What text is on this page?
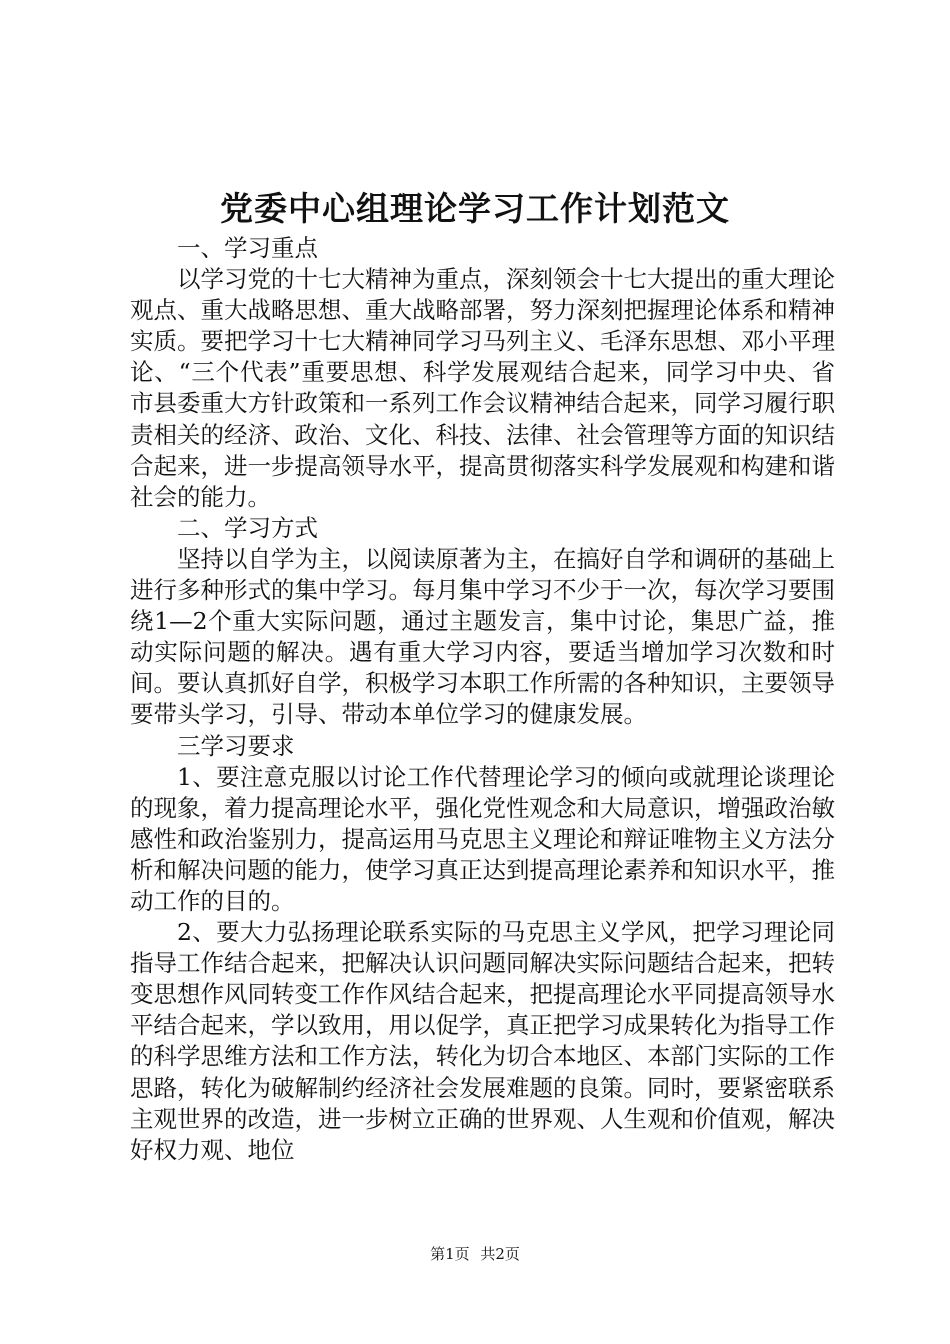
党委中心组理论学习工作计划范文

一、学习重点

以学习党的十七大精神为重点，深刻领会十七大提出的重大理论观点、重大战略思想、重大战略部署，努力深刻把握理论体系和精神实质。要把学习十七大精神同学习马列主义、毛泽东思想、邓小平理论、“三个代表”重要思想、科学发展观结合起来，同学习中央、省市县委重大方针政策和一系列工作会议精神结合起来，同学习履行职责相关的经济、政治、文化、科技、法律、社会管理等方面的知识结合起来，进一步提高领导水平，提高贯彻落实科学发展观和构建和谐社会的能力。

二、学习方式

坚持以自学为主，以阅读原著为主，在搞好自学和调研的基础上进行多种形式的集中学习。每月集中学习不少于一次，每次学习要围绕1—2个重大实际问题，通过主题发言，集中讨论，集思广益，推动实际问题的解决。遇有重大学习内容，要适当增加学习次数和时间。要认真抓好自学，积极学习本职工作所需的各种知识，主要领导要带头学习，引导、带动本单位学习的健康发展。

三学习要求

1、要注意克服以讨论工作代替理论学习的倾向或就理论谈理论的现象，着力提高理论水平，强化党性观念和大局意识，增强政治敏感性和政治鉴别力，提高运用马克思主义理论和辩证唯物主义方法分析和解决问题的能力，使学习真正达到提高理论素养和知识水平，推动工作的目的。

2、要大力弘扬理论联系实际的马克思主义学风，把学习理论同指导工作结合起来，把解决认识问题同解决实际问题结合起来，把转变思想作风同转变工作作风结合起来，把提高理论水平同提高领导水平结合起来，学以致用，用以促学，真正把学习成果转化为指导工作的科学思维方法和工作方法，转化为切合本地区、本部门实际的工作思路，转化为破解制约经济社会发展难题的良策。同时，要紧密联系主观世界的改造，进一步树立正确的世界观、人生观和价值观，解决好权力观、地位

第1页 共2页
